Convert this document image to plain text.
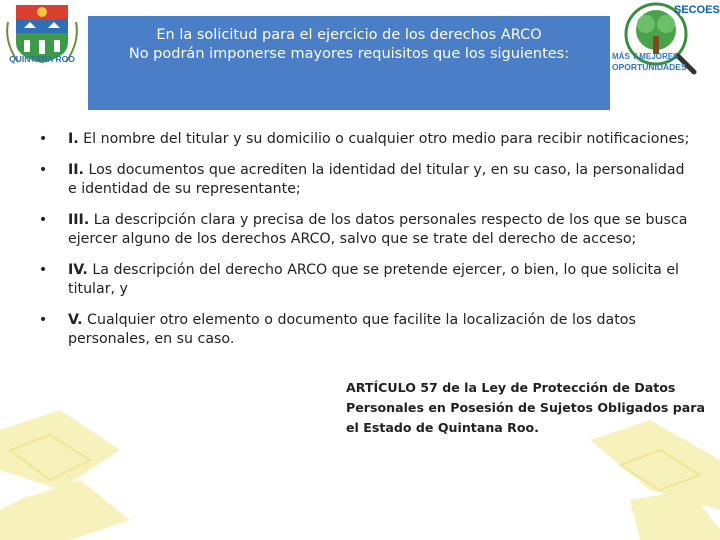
QUINTANA ROO
En la solicitud para el ejercicio de los derechos ARCO
No podrán imponerse mayores requisitos que los siguientes:
SECOES
MÁS Y MEJORES
OPORTUNIDADES
•	I. El nombre del titular y su domicilio o cualquier otro medio para recibir notificaciones;
•	II. Los documentos que acrediten la identidad del titular y, en su caso, la personalidad e identidad de su representante;
•	III. La descripción clara y precisa de los datos personales respecto de los que se busca ejercer alguno de los derechos ARCO, salvo que se trate del derecho de acceso;
•	IV. La descripción del derecho ARCO que se pretende ejercer, o bien, lo que solicita el titular, y
•	V. Cualquier otro elemento o documento que facilite la localización de los datos personales, en su caso.
ARTÍCULO 57 de la Ley de Protección de Datos Personales en Posesión de Sujetos Obligados para el Estado de Quintana Roo.
